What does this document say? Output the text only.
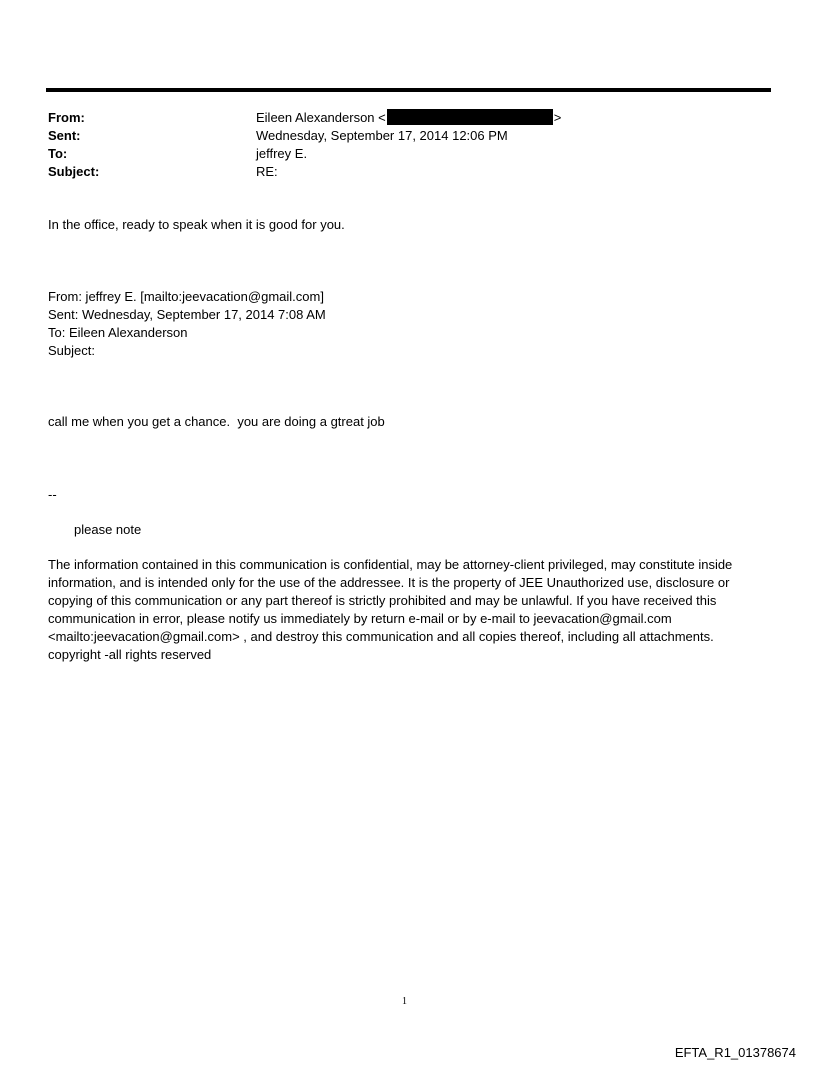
From:	Eileen Alexanderson <	>
Sent:	Wednesday, September 17, 2014 12:06 PM
To:	jeffrey E.
Subject:	RE:
In the office, ready to speak when it is good for you.
From: jeffrey E. [mailto:jeevacation@gmail.com]
Sent: Wednesday, September 17, 2014 7:08 AM
To: Eileen Alexanderson
Subject:
call me when you get a chance.  you are doing a gtreat job
--
please note
The information contained in this communication is confidential, may be attorney-client privileged, may constitute inside information, and is intended only for the use of the addressee. It is the property of JEE Unauthorized use, disclosure or copying of this communication or any part thereof is strictly prohibited and may be unlawful. If you have received this communication in error, please notify us immediately by return e-mail or by e-mail to jeevacation@gmail.com <mailto:jeevacation@gmail.com> , and destroy this communication and all copies thereof, including all attachments. copyright -all rights reserved
1
EFTA_R1_01378674
